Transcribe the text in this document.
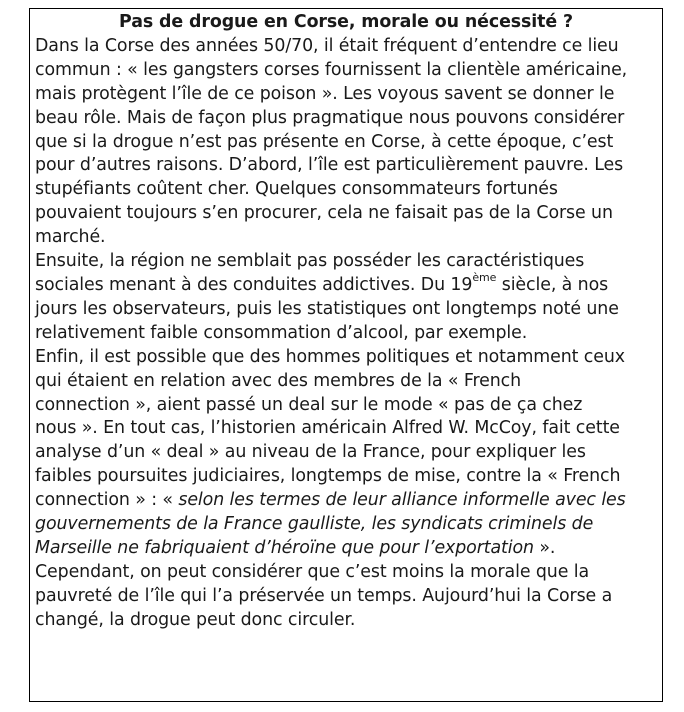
Pas de drogue en Corse, morale ou nécessité ?

Dans la Corse des années 50/70, il était fréquent d’entendre ce lieu

commun : « les gangsters corses fournissent la clientèle américaine,

mais protègent l’île de ce poison ». Les voyous savent se donner le

beau rôle. Mais de façon plus pragmatique nous pouvons considérer

que si la drogue n’est pas présente en Corse, à cette époque, c’est

pour d’autres raisons. D’abord, l’île est particulièrement pauvre. Les

stupéfiants coûtent cher. Quelques consommateurs fortunés

pouvaient toujours s’en procurer, cela ne faisait pas de la Corse un

marché.

Ensuite, la région ne semblait pas posséder les caractéristiques

sociales menant à des conduites addictives. Du 19ème siècle, à nos

jours les observateurs, puis les statistiques ont longtemps noté une

relativement faible consommation d’alcool, par exemple.

Enfin, il est possible que des hommes politiques et notamment ceux

qui étaient en relation avec des membres de la « French

connection », aient passé un deal sur le mode « pas de ça chez

nous ». En tout cas, l’historien américain Alfred W. McCoy, fait cette

analyse d’un « deal » au niveau de la France, pour expliquer les

faibles poursuites judiciaires, longtemps de mise, contre la « French

connection » : « selon les termes de leur alliance informelle avec les

gouvernements de la France gaulliste, les syndicats criminels de

Marseille ne fabriquaient d’héroïne que pour l’exportation ».

Cependant, on peut considérer que c’est moins la morale que la

pauvreté de l’île qui l’a préservée un temps. Aujourd’hui la Corse a

changé, la drogue peut donc circuler.
